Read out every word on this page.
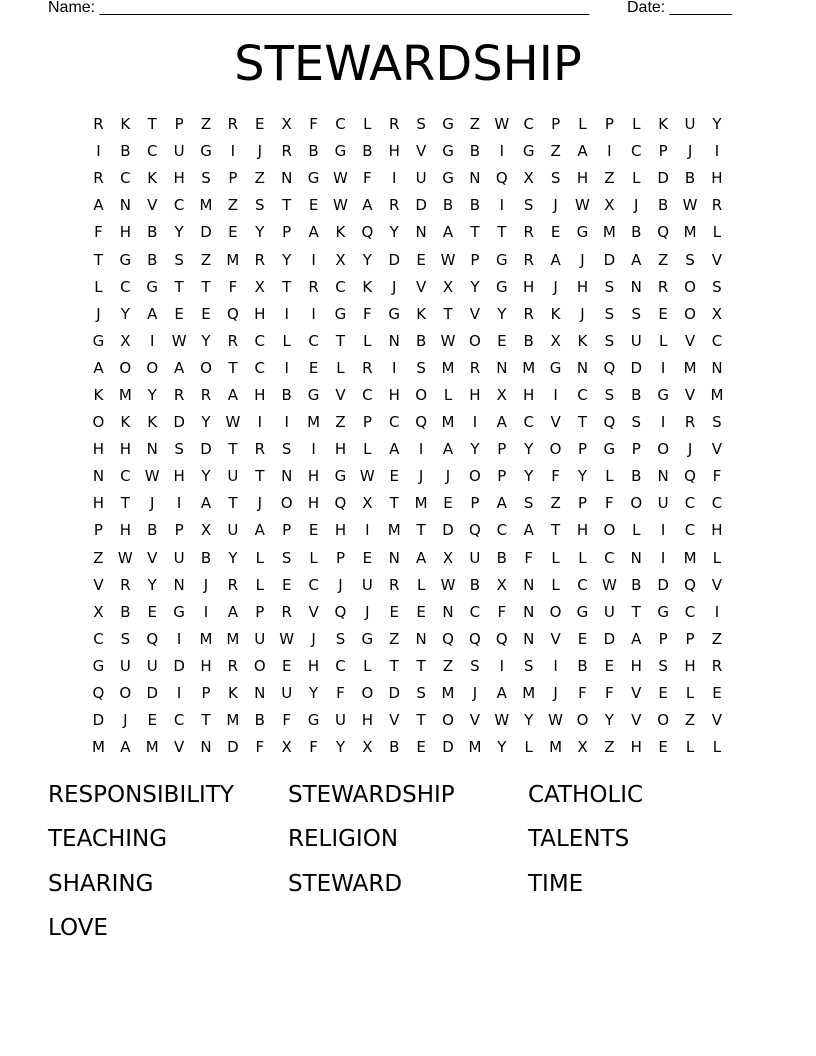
Name: _______________________________________________________ Date: _______
STEWARDSHIP
R	K	T	P	Z	R	E	X	F	C	L	R	S	G	Z W C	P	L	P	L	K	U	Y
I	B	C	U	G	I	J	R	B	G	B	H	V	G	B	I	G	Z	A	I	C	P	J	I
R	C	K	H	S	P	Z	N	G W	F	I	U	G	N	Q	X	S	H	Z	L	D	B	H
A	N	V	C	M	Z	S	T	E W A	R	D	B	B	I	S	J	W X	J	B W R
F	H	B	Y	D	E	Y	P	A	K	Q	Y	N	A	T	T	R	E	G M	B	Q M	L
T	G	B	S	Z	M	R	Y	I	X	Y	D	E W P	G	R	A	J	D	A	Z	S	V
L	C	G	T	T	F	X	T	R	C	K	J	V	X	Y	G	H	J	H	S	N	R	O	S
J	Y	A	E	E	Q	H	I	I	G	F	G	K	T	V	Y	R	K	J	S	S	E	O	X
G	X	I	W Y	R	C	L	C	T	L	N	B W O	E	B	X	K	S	U	L	V	C
A	O	O	A	O	T	C	I	E	L	R	I	S	M	R	N M G	N	Q	D	I	M N
K	M	Y	R	R	A	H	B	G	V	C	H	O	L	H	X	H	I	C	S	B	G	V	M
O	K	K	D	Y W	I	I	M	Z	P	C	Q M	I	A	C	V	T	Q	S	I	R	S
H	H	N	S	D	T	R	S	I	H	L	A	I	A	Y	P	Y	O	P	G	P	O	J	V
N	C W H	Y	U	T	N	H	G W E	J	J	O	P	Y	F	Y	L	B	N	Q	F
H	T	J	I	A	T	J	O	H	Q	X	T	M	E	P	A	S	Z	P	F	O	U	C	C
P	H	B	P	X	U	A	P	E	H	I	M	T	D	Q	C	A	T	H	O	L	I	C	H
Z W V	U	B	Y	L	S	L	P	E	N	A	X	U	B	F	L	L	C	N	I	M	L
V	R	Y	N	J	R	L	E	C	J	U	R	L	W B	X	N	L	C W B	D	Q	V
X	B	E	G	I	A	P	R	V	Q	J	E	E	N	C	F	N	O	G	U	T	G	C	I
C	S	Q	I	M M U W	J	S	G	Z	N	Q	Q	Q	N	V	E	D	A	P	P	Z
G	U	U	D	H	R	O	E	H	C	L	T	T	Z	S	I	S	I	B	E	H	S	H	R
Q	O	D	I	P	K	N	U	Y	F	O	D	S	M	J	A	M	J	F	F	V	E	L	E
D	J	E	C	T	M	B	F	G	U	H	V	T	O	V W Y W O	Y	V	O	Z	V
M	A	M	V	N	D	F	X	F	Y	X	B	E	D M	Y	L	M	X	Z	H	E	L	L
RESPONSIBILITY	STEWARDSHIP	CATHOLIC
TEACHING	RELIGION	TALENTS
SHARING	STEWARD	TIME
LOVE
